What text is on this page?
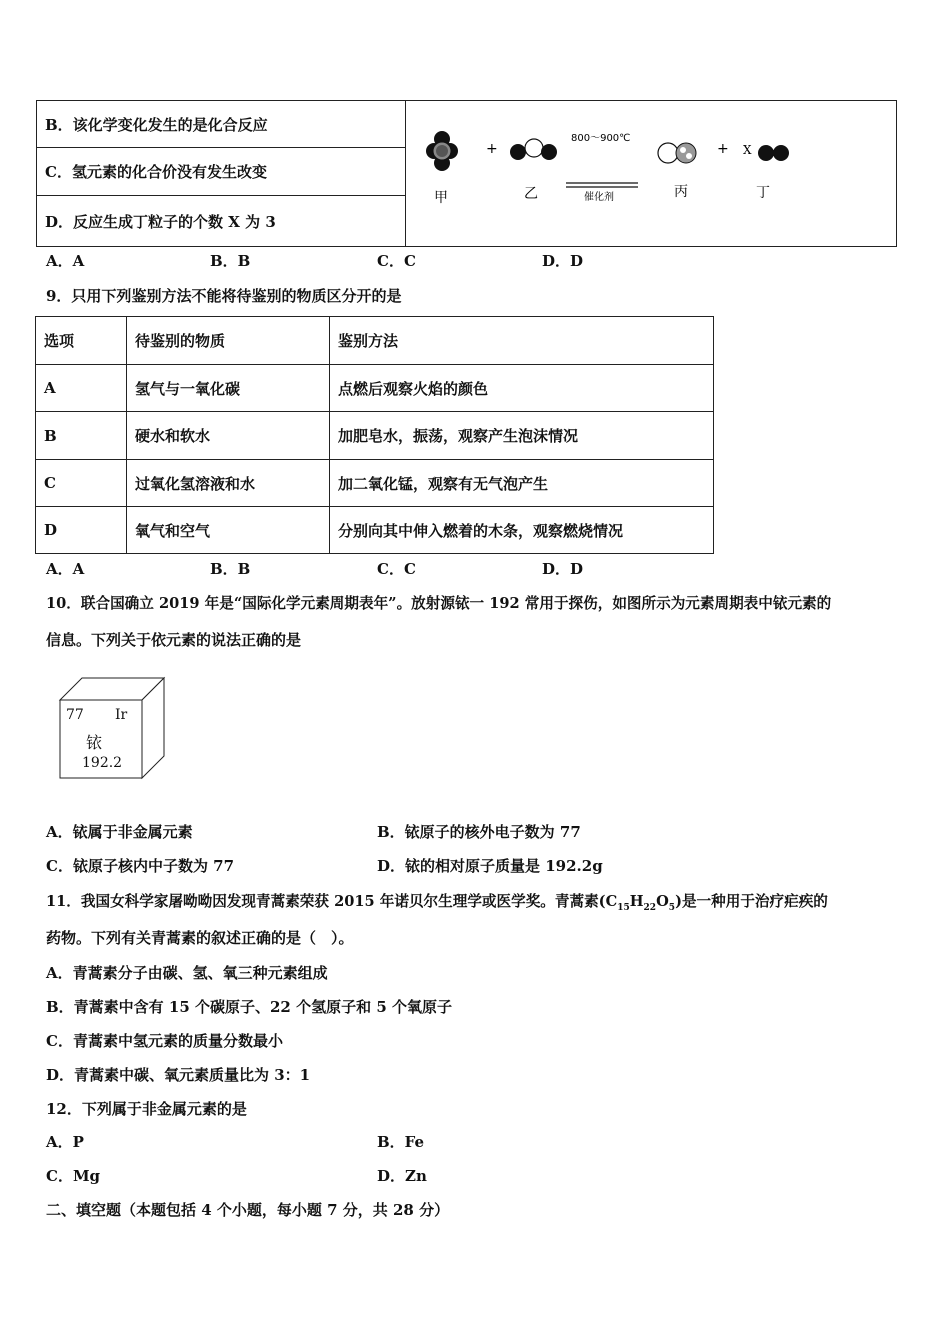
B．该化学变化发生的是化合反应	
+
800～900℃
催化剂
+ X
甲	乙	丙	丁

C．氢元素的化合价没有发生改变
D．反应生成丁粒子的个数 X 为 3
A．A	B．B	C．C	D．D
9．只用下列鉴别方法不能将待鉴别的物质区分开的是
选项	待鉴别的物质	鉴别方法
A	氢气与一氧化碳	点燃后观察火焰的颜色
B	硬水和软水	加肥皂水，振荡，观察产生泡沫情况
C	过氧化氢溶液和水	加二氧化锰，观察有无气泡产生
D	氧气和空气	分别向其中伸入燃着的木条，观察燃烧情况
A．A	B．B	C．C	D．D
10．联合国确立 2019 年是“国际化学元素周期表年”。放射源铱一 192 常用于探伤，如图所示为元素周期表中铱元素的
信息。下列关于依元素的说法正确的是
77 Ir
铱
192.2
A．铱属于非金属元素	B．铱原子的核外电子数为 77
C．铱原子核内中子数为 77	D．铱的相对原子质量是 192.2g
11．我国女科学家屠呦呦因发现青蒿素荣获 2015 年诺贝尔生理学或医学奖。青蒿素$(C_{15}H_{22}O_5)$是一种用于治疗疟疾的
药物。下列有关青蒿素的叙述正确的是（　）。
A．青蒿素分子由碳、氢、氧三种元素组成
B．青蒿素中含有 15 个碳原子、22 个氢原子和 5 个氧原子
C．青蒿素中氢元素的质量分数最小
D．青蒿素中碳、氧元素质量比为 3：1
12．下列属于非金属元素的是
A．P	B．Fe
C．Mg	D．Zn
二、填空题（本题包括 4 个小题，每小题 7 分，共 28 分）
